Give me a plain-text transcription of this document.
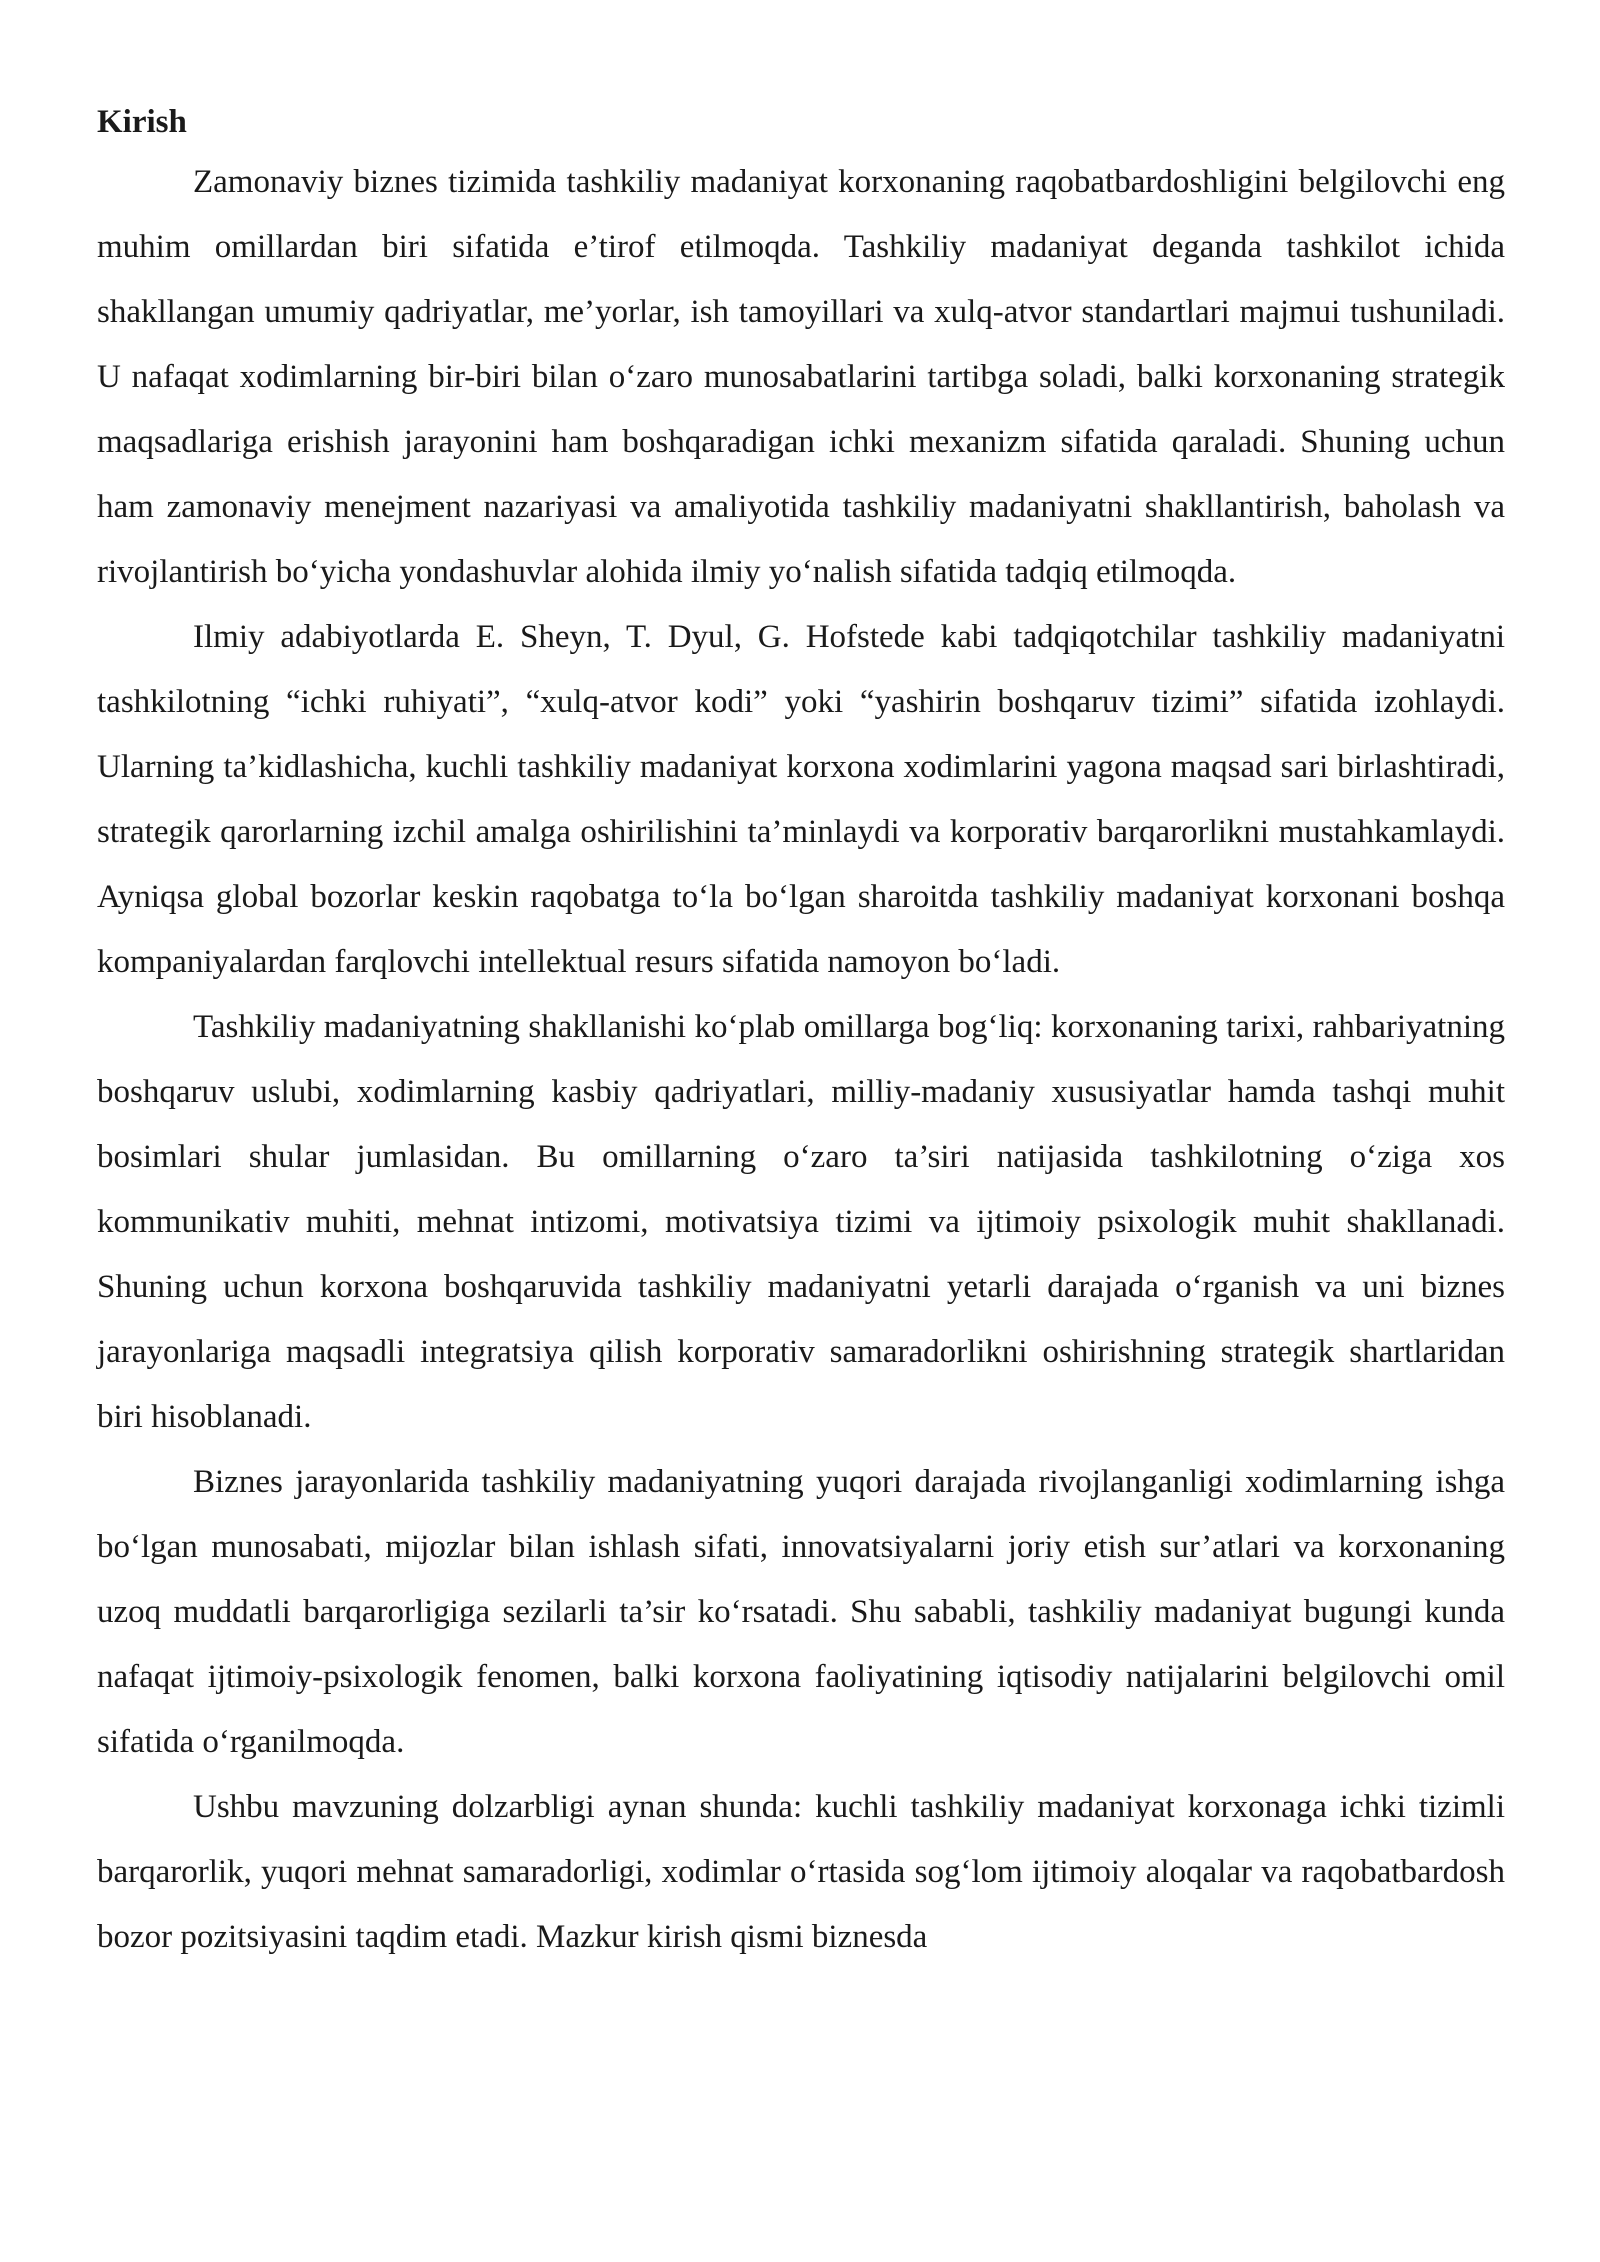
Kirish

Zamonaviy biznes tizimida tashkiliy madaniyat korxonaning raqobatbardoshligini belgilovchi eng muhim omillardan biri sifatida e’tirof etilmoqda. Tashkiliy madaniyat deganda tashkilot ichida shakllangan umumiy qadriyatlar, me’yorlar, ish tamoyillari va xulq-atvor standartlari majmui tushuniladi. U nafaqat xodimlarning bir-biri bilan o‘zaro munosabatlarini tartibga soladi, balki korxonaning strategik maqsadlariga erishish jarayonini ham boshqaradigan ichki mexanizm sifatida qaraladi. Shuning uchun ham zamonaviy menejment nazariyasi va amaliyotida tashkiliy madaniyatni shakllantirish, baholash va rivojlantirish bo‘yicha yondashuvlar alohida ilmiy yo‘nalish sifatida tadqiq etilmoqda.

Ilmiy adabiyotlarda E. Sheyn, T. Dyul, G. Hofstede kabi tadqiqotchilar tashkiliy madaniyatni tashkilotning “ichki ruhiyati”, “xulq-atvor kodi” yoki “yashirin boshqaruv tizimi” sifatida izohlaydi. Ularning ta’kidlashicha, kuchli tashkiliy madaniyat korxona xodimlarini yagona maqsad sari birlashtiradi, strategik qarorlarning izchil amalga oshirilishini ta’minlaydi va korporativ barqarorlikni mustahkamlaydi. Ayniqsa global bozorlar keskin raqobatga to‘la bo‘lgan sharoitda tashkiliy madaniyat korxonani boshqa kompaniyalardan farqlovchi intellektual resurs sifatida namoyon bo‘ladi.

Tashkiliy madaniyatning shakllanishi ko‘plab omillarga bog‘liq: korxonaning tarixi, rahbariyatning boshqaruv uslubi, xodimlarning kasbiy qadriyatlari, milliy-madaniy xususiyatlar hamda tashqi muhit bosimlari shular jumlasidan. Bu omillarning o‘zaro ta’siri natijasida tashkilotning o‘ziga xos kommunikativ muhiti, mehnat intizomi, motivatsiya tizimi va ijtimoiy psixologik muhit shakllanadi. Shuning uchun korxona boshqaruvida tashkiliy madaniyatni yetarli darajada o‘rganish va uni biznes jarayonlariga maqsadli integratsiya qilish korporativ samaradorlikni oshirishning strategik shartlaridan biri hisoblanadi.

Biznes jarayonlarida tashkiliy madaniyatning yuqori darajada rivojlanganligi xodimlarning ishga bo‘lgan munosabati, mijozlar bilan ishlash sifati, innovatsiyalarni joriy etish sur’atlari va korxonaning uzoq muddatli barqarorligiga sezilarli ta’sir ko‘rsatadi. Shu sababli, tashkiliy madaniyat bugungi kunda nafaqat ijtimoiy-psixologik fenomen, balki korxona faoliyatining iqtisodiy natijalarini belgilovchi omil sifatida o‘rganilmoqda.

Ushbu mavzuning dolzarbligi aynan shunda: kuchli tashkiliy madaniyat korxonaga ichki tizimli barqarorlik, yuqori mehnat samaradorligi, xodimlar o‘rtasida sog‘lom ijtimoiy aloqalar va raqobatbardosh bozor pozitsiyasini taqdim etadi. Mazkur kirish qismi biznesda
